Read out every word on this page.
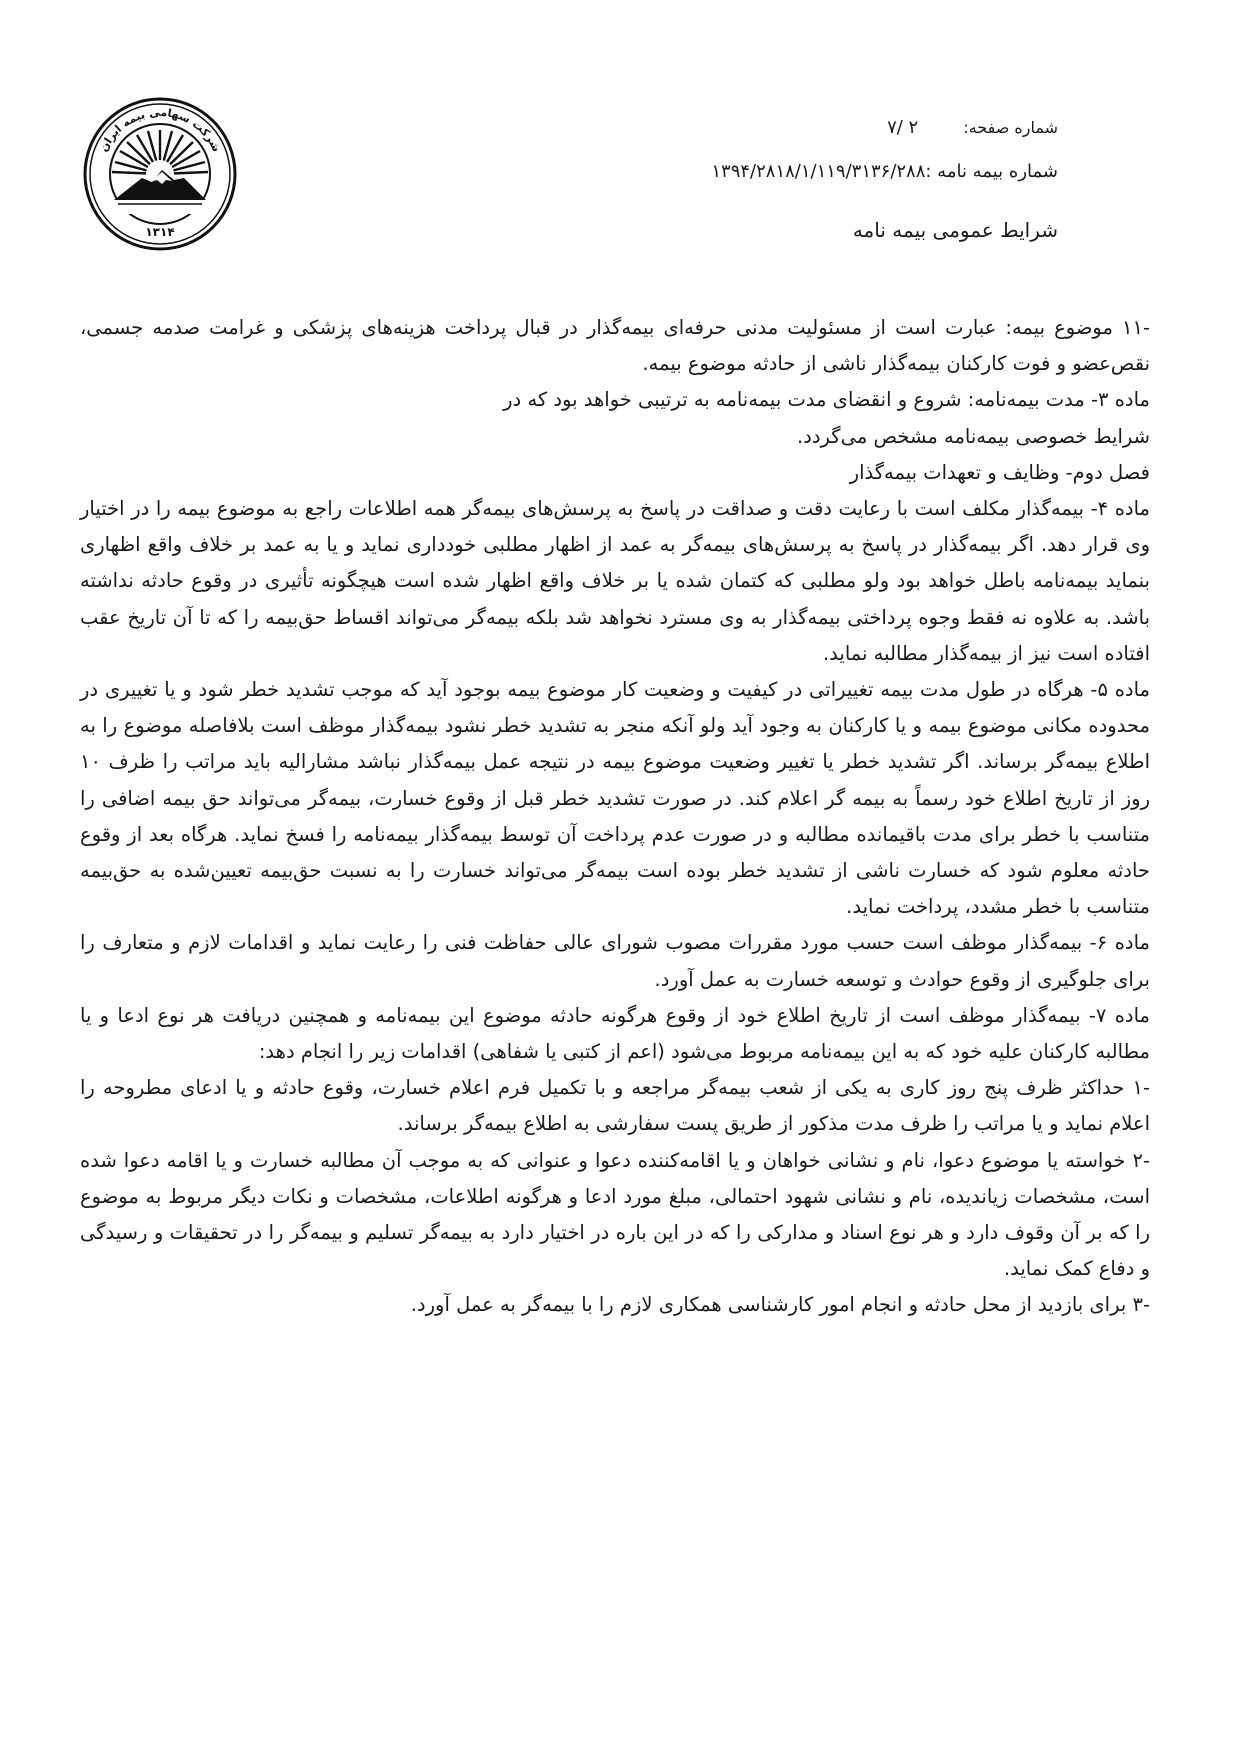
شرکت سهامی بیمه ایران
۱۳۱۴
شماره صفحه: ۲ /۷
شماره بیمه نامه :۱۳۹۴/۲۸۱۸/۱/۱۱۹/۳۱۳۶/۲۸۸
شرایط عمومی بیمه نامه

-۱۱ موضوع بیمه: عبارت است از مسئولیت مدنی حرفه‌ای بیمه‌گذار در قبال پرداخت هزینه‌های پزشکی و غرامت صدمه جسمی، نقص‌عضو و فوت کارکنان بیمه‌گذار ناشی از حادثه موضوع بیمه.

ماده ۳- مدت بیمه‌نامه: شروع و انقضای مدت بیمه‌نامه به ترتیبی خواهد بود که در

شرایط خصوصی بیمه‌نامه مشخص می‌گردد.

فصل دوم- وظایف و تعهدات بیمه‌گذار

ماده ۴- بیمه‌گذار مکلف است با رعایت دقت و صداقت در پاسخ به پرسش‌های بیمه‌گر همه اطلاعات راجع به موضوع بیمه را در اختیار وی قرار دهد. اگر بیمه‌گذار در پاسخ به پرسش‌های بیمه‌گر به عمد از اظهار مطلبی خودداری نماید و یا به عمد بر خلاف واقع اظهاری بنماید بیمه‌نامه باطل خواهد بود ولو مطلبی که کتمان شده یا بر خلاف واقع اظهار شده است هیچگونه تأثیری در وقوع حادثه نداشته باشد. به علاوه نه فقط وجوه پرداختی بیمه‌گذار به وی مسترد نخواهد شد بلکه بیمه‌گر می‌تواند اقساط حق‌بیمه را که تا آن تاریخ عقب افتاده است نیز از بیمه‌گذار مطالبه نماید.

ماده ۵- هرگاه در طول مدت بیمه تغییراتی در کیفیت و وضعیت کار موضوع بیمه بوجود آید که موجب تشدید خطر شود و یا تغییری در محدوده مکانی موضوع بیمه و یا کارکنان به وجود آید ولو آنکه منجر به تشدید خطر نشود بیمه‌گذار موظف است بلافاصله موضوع را به اطلاع بیمه‌گر برساند. اگر تشدید خطر یا تغییر وضعیت موضوع بیمه در نتیجه عمل بیمه‌گذار نباشد مشارالیه باید مراتب را ظرف ۱۰ روز از تاریخ اطلاع خود رسماً به بیمه گر اعلام کند. در صورت تشدید خطر قبل از وقوع خسارت، بیمه‌گر می‌تواند حق بیمه اضافی را متناسب با خطر برای مدت باقیمانده مطالبه و در صورت عدم پرداخت آن توسط بیمه‌گذار بیمه‌نامه را فسخ نماید. هرگاه بعد از وقوع حادثه معلوم شود که خسارت ناشی از تشدید خطر بوده است بیمه‌گر می‌تواند خسارت را به نسبت حق‌بیمه تعیین‌شده به حق‌بیمه متناسب با خطر مشدد، پرداخت نماید.

ماده ۶- بیمه‌گذار موظف است حسب مورد مقررات مصوب شورای عالی حفاظت فنی را رعایت نماید و اقدامات لازم و متعارف را برای جلوگیری از وقوع حوادث و توسعه خسارت به عمل آورد.

ماده ۷- بیمه‌گذار موظف است از تاریخ اطلاع خود از وقوع هرگونه حادثه موضوع این بیمه‌نامه و همچنین دریافت هر نوع ادعا و یا مطالبه کارکنان علیه خود که به این بیمه‌نامه مربوط می‌شود (اعم از کتبی یا شفاهی) اقدامات زیر را انجام دهد:

-۱ حداکثر ظرف پنج روز کاری به یکی از شعب بیمه‌گر مراجعه و با تکمیل فرم اعلام خسارت، وقوع حادثه و یا ادعای مطروحه را اعلام نماید و یا مراتب را ظرف مدت مذکور از طریق پست سفارشی به اطلاع بیمه‌گر برساند.

-۲ خواسته یا موضوع دعوا، نام و نشانی خواهان و یا اقامه‌کننده دعوا و عنوانی که به موجب آن مطالبه خسارت و یا اقامه دعوا شده است، مشخصات زیاندیده، نام و نشانی شهود احتمالی، مبلغ مورد ادعا و هرگونه اطلاعات، مشخصات و نکات دیگر مربوط به موضوع را که بر آن وقوف دارد و هر نوع اسناد و مدارکی را که در این باره در اختیار دارد به بیمه‌گر تسلیم و بیمه‌گر را در تحقیقات و رسیدگی و دفاع کمک نماید.

-۳ برای بازدید از محل حادثه و انجام امور کارشناسی همکاری لازم را با بیمه‌گر به عمل آورد.
